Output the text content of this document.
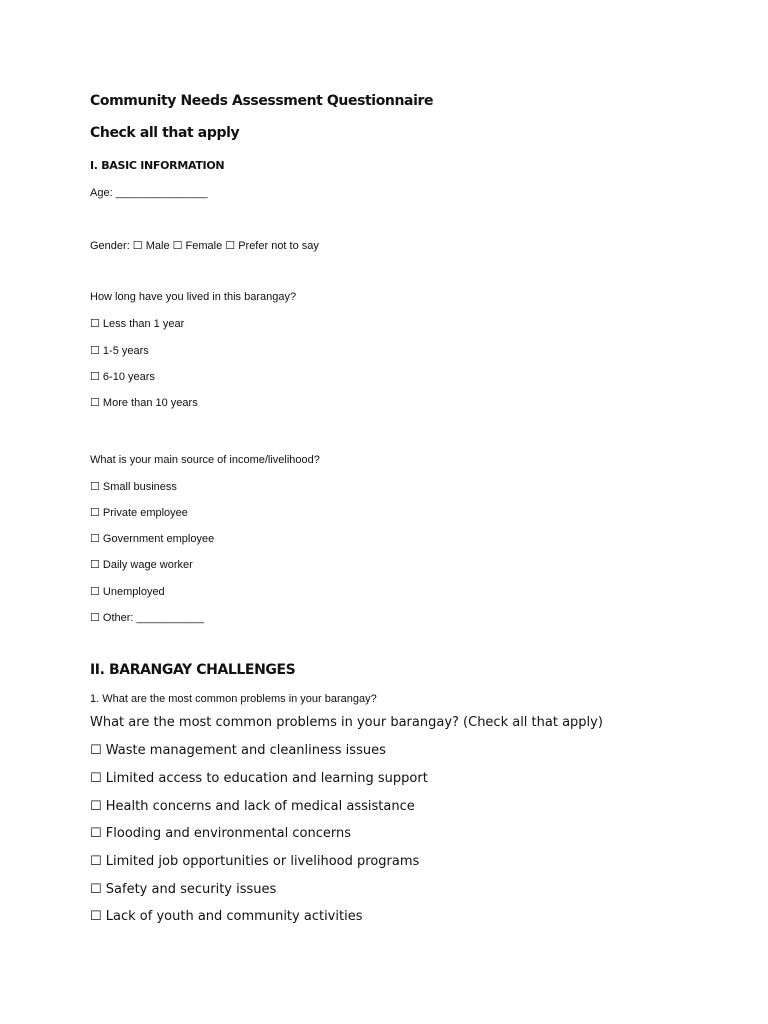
Community Needs Assessment Questionnaire
Check all that apply
I. BASIC INFORMATION
Age: _______________
Gender: ☐ Male ☐ Female ☐ Prefer not to say
How long have you lived in this barangay?
☐ Less than 1 year
☐ 1-5 years
☐ 6-10 years
☐ More than 10 years
What is your main source of income/livelihood?
☐ Small business
☐ Private employee
☐ Government employee
☐ Daily wage worker
☐ Unemployed
☐ Other: ___________
II. BARANGAY CHALLENGES
1. What are the most common problems in your barangay?
What are the most common problems in your barangay? (Check all that apply)
☐ Waste management and cleanliness issues
☐ Limited access to education and learning support
☐ Health concerns and lack of medical assistance
☐ Flooding and environmental concerns
☐ Limited job opportunities or livelihood programs
☐ Safety and security issues
☐ Lack of youth and community activities
